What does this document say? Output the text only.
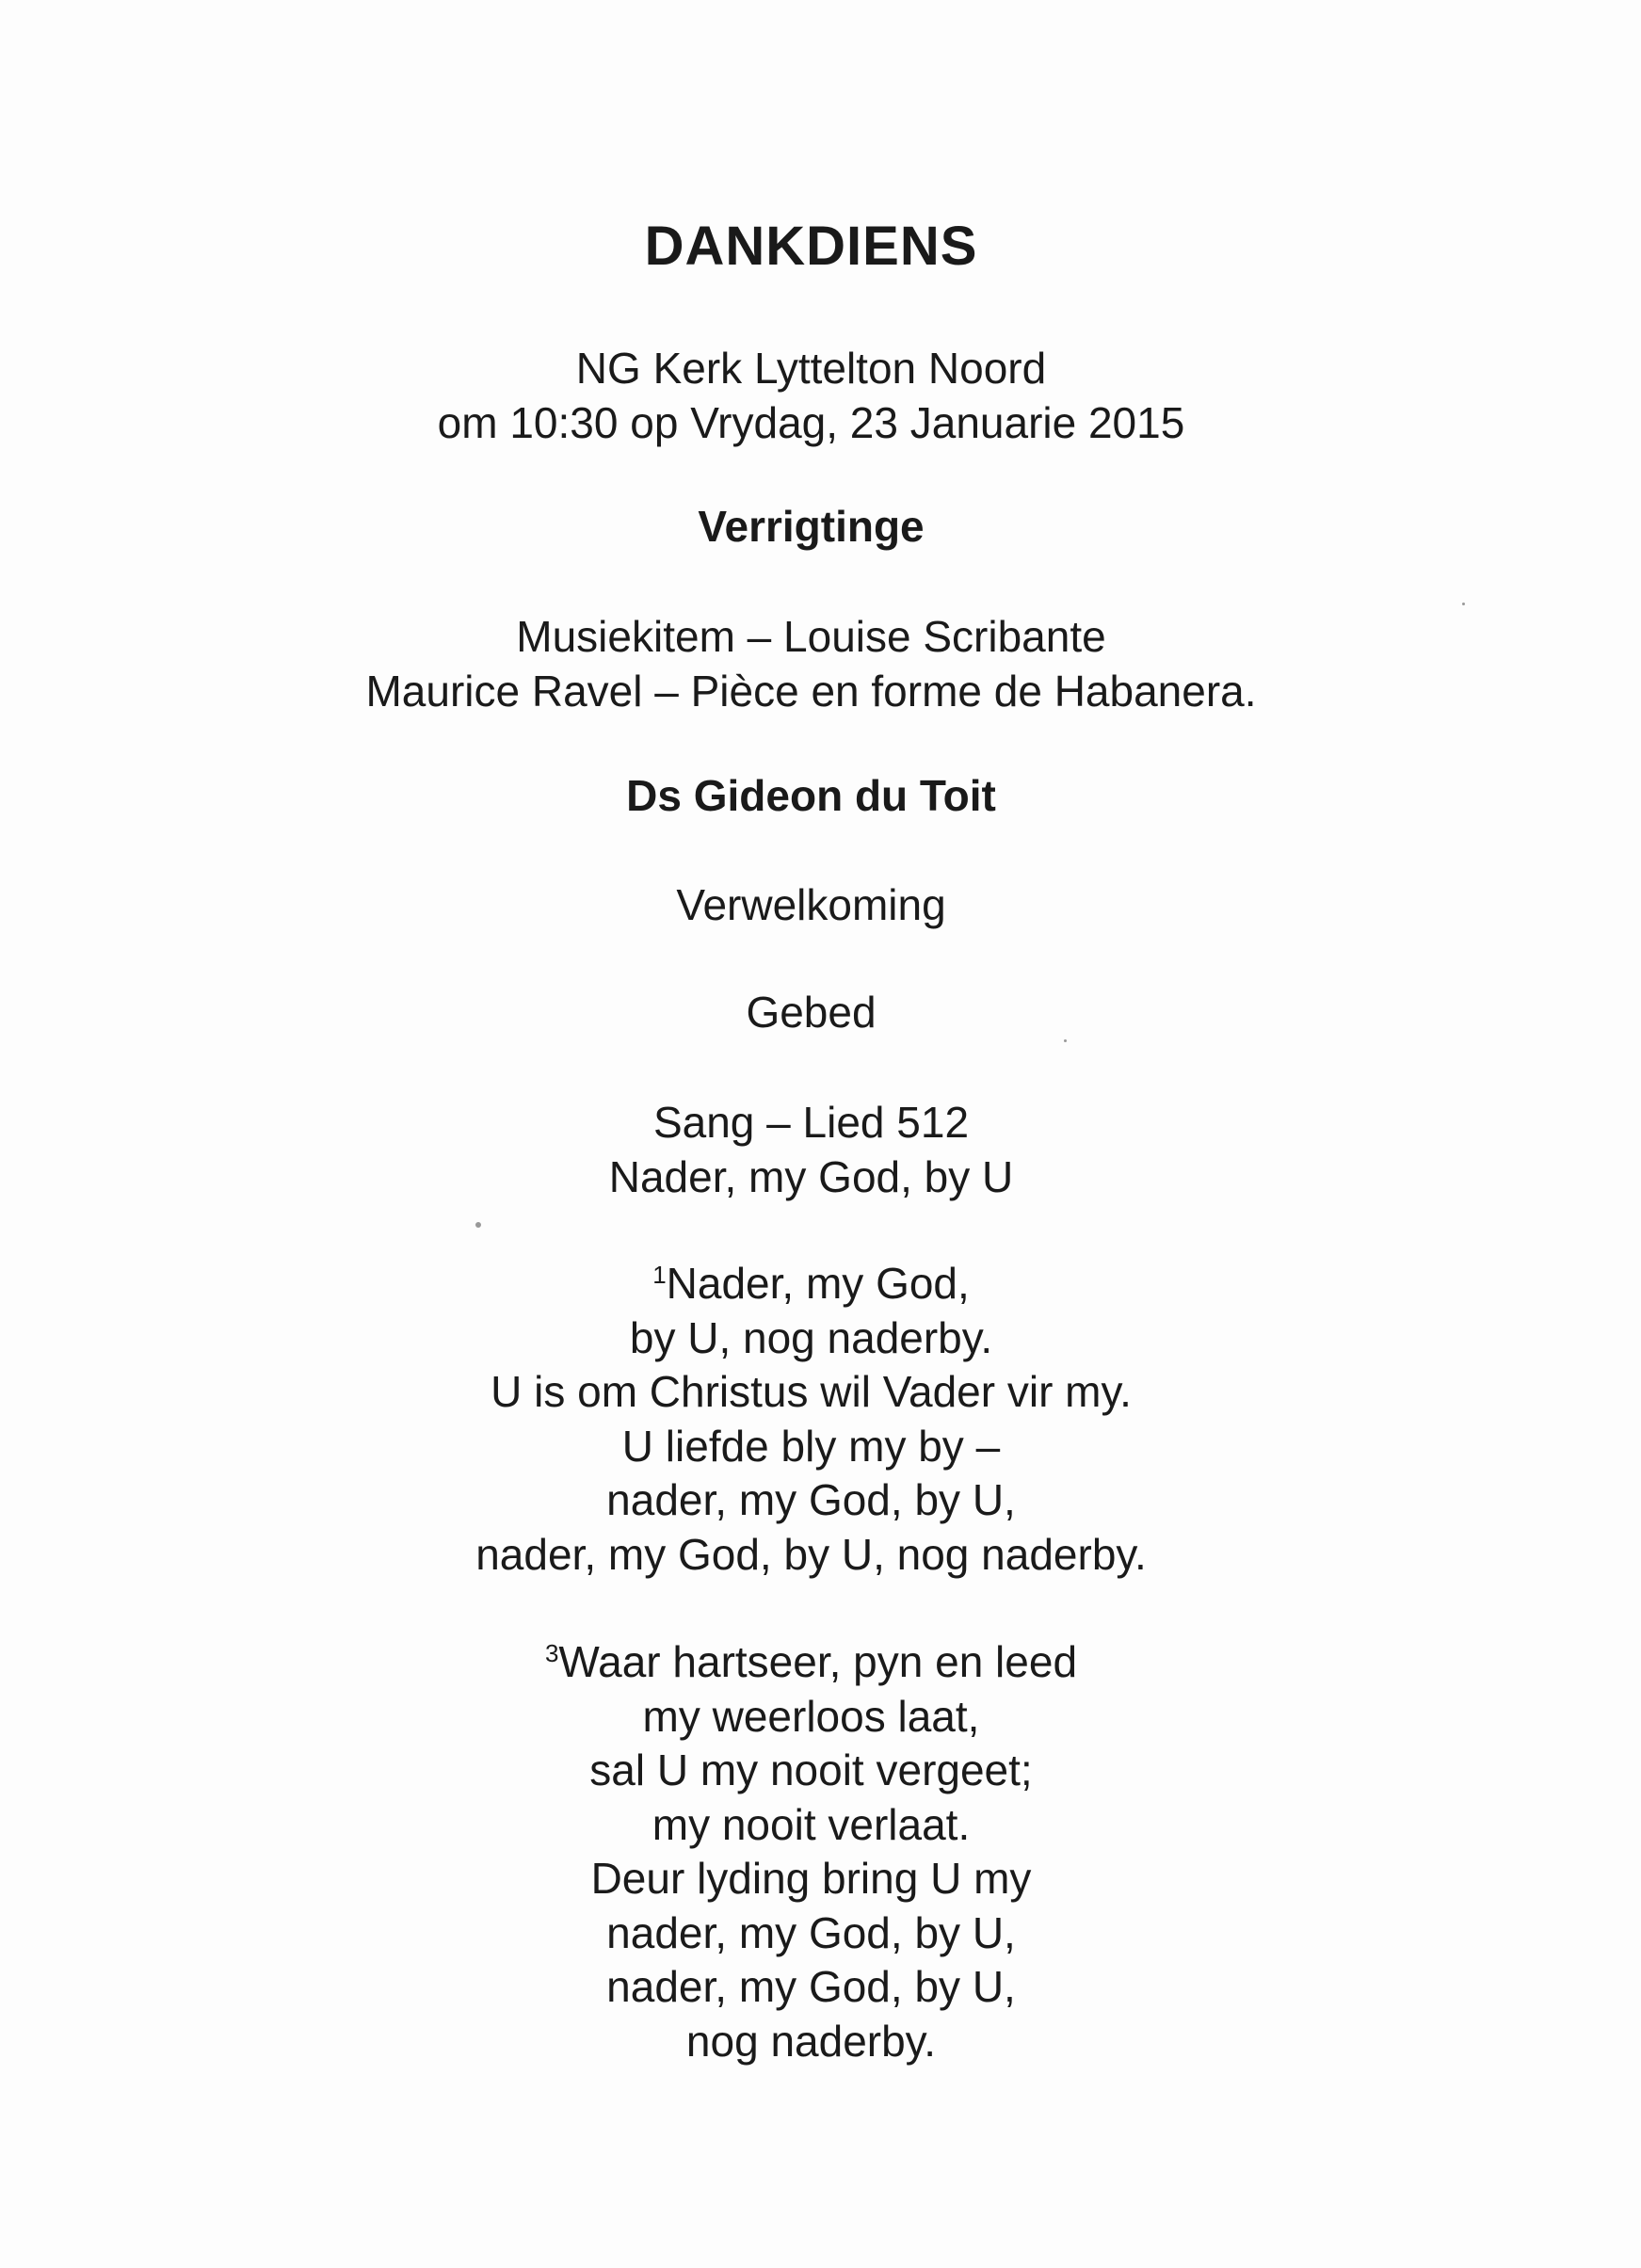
DANKDIENS
NG Kerk Lyttelton Noord
om 10:30 op Vrydag, 23 Januarie 2015
Verrigtinge
Musiekitem – Louise Scribante
Maurice Ravel – Pièce en forme de Habanera.
Ds Gideon du Toit
Verwelkoming
Gebed
Sang – Lied 512
Nader, my God, by U
$^1$Nader, my God,
by U, nog naderby.
U is om Christus wil Vader vir my.
U liefde bly my by –
nader, my God, by U,
nader, my God, by U, nog naderby.
$^3$Waar hartseer, pyn en leed
my weerloos laat,
sal U my nooit vergeet;
my nooit verlaat.
Deur lyding bring U my
nader, my God, by U,
nader, my God, by U,
nog naderby.
